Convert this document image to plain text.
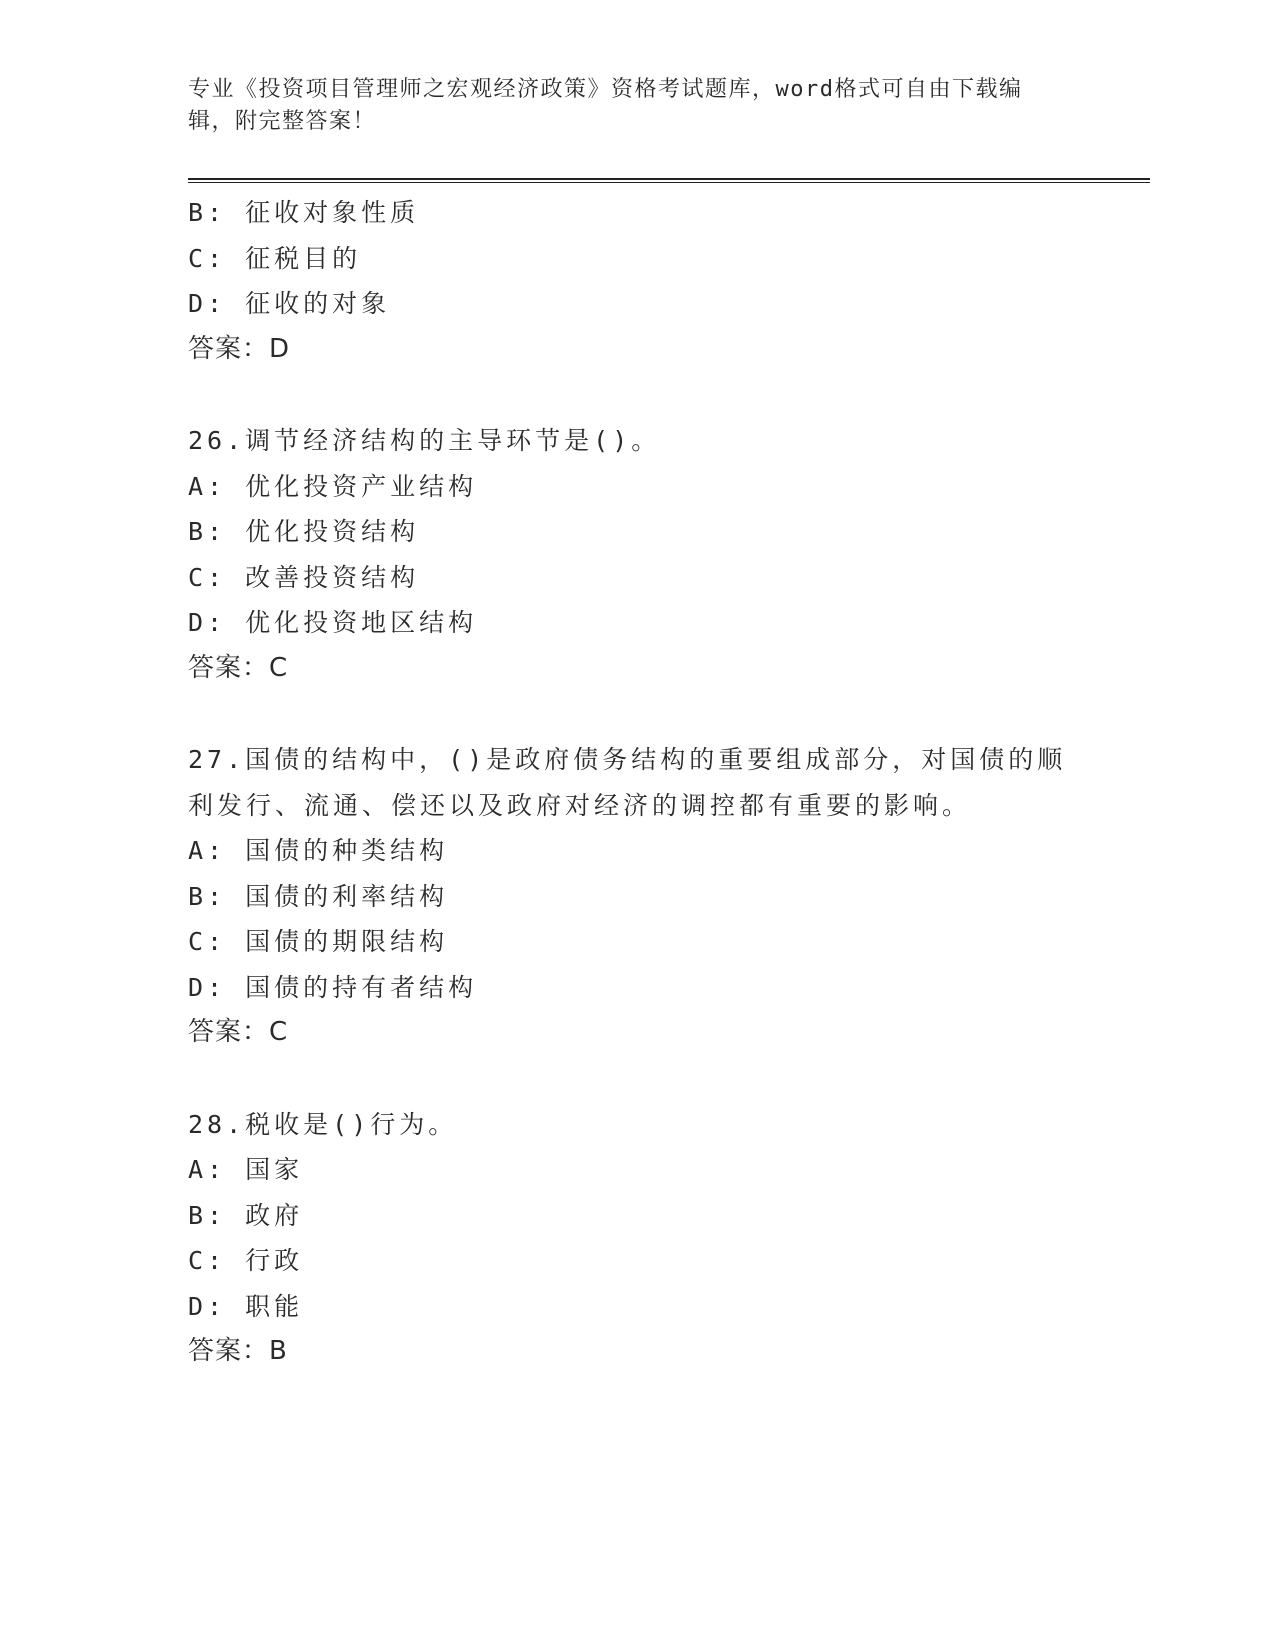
专业《投资项目管理师之宏观经济政策》资格考试题库，word格式可自由下载编辑，附完整答案！
B: 征收对象性质
C: 征税目的
D: 征收的对象
答案：D
26.调节经济结构的主导环节是()。
A: 优化投资产业结构
B: 优化投资结构
C: 改善投资结构
D: 优化投资地区结构
答案：C
27.国债的结构中，()是政府债务结构的重要组成部分，对国债的顺利发行、流通、偿还以及政府对经济的调控都有重要的影响。
A: 国债的种类结构
B: 国债的利率结构
C: 国债的期限结构
D: 国债的持有者结构
答案：C
28.税收是()行为。
A: 国家
B: 政府
C: 行政
D: 职能
答案：B
